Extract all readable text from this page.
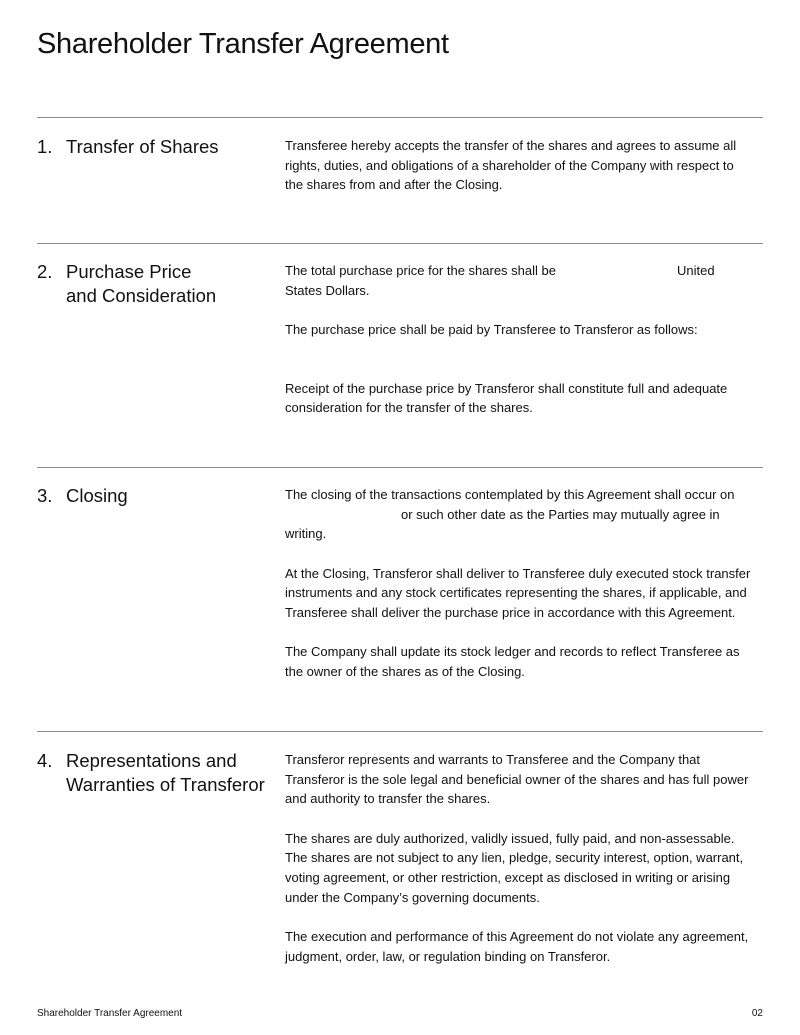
Shareholder Transfer Agreement
1. Transfer of Shares	Transferee hereby accepts the transfer of the shares and agrees to assume all
rights, duties, and obligations of a shareholder of the Company with respect to
the shares from and after the Closing.

2. Purchase Price
and Consideration

The total purchase price for the shares shall be	United
States Dollars.

The purchase price shall be paid by Transferee to Transferor as follows:

Receipt of the purchase price by Transferor shall constitute full and adequate
consideration for the transfer of the shares.

3. Closing	The closing of the transactions contemplated by this Agreement shall occur on
or such other date as the Parties may mutually agree in
writing.

At the Closing, Transferor shall deliver to Transferee duly executed stock transfer
instruments and any stock certificates representing the shares, if applicable, and
Transferee shall deliver the purchase price in accordance with this Agreement.

The Company shall update its stock ledger and records to reflect Transferee as
the owner of the shares as of the Closing.

4. Representations and
Warranties of Transferor

Transferor represents and warrants to Transferee and the Company that
Transferor is the sole legal and beneficial owner of the shares and has full power
and authority to transfer the shares.

The shares are duly authorized, validly issued, fully paid, and non-assessable.
The shares are not subject to any lien, pledge, security interest, option, warrant,
voting agreement, or other restriction, except as disclosed in writing or arising
under the Company’s governing documents.

The execution and performance of this Agreement do not violate any agreement,
judgment, order, law, or regulation binding on Transferor.

Shareholder Transfer Agreement	02
